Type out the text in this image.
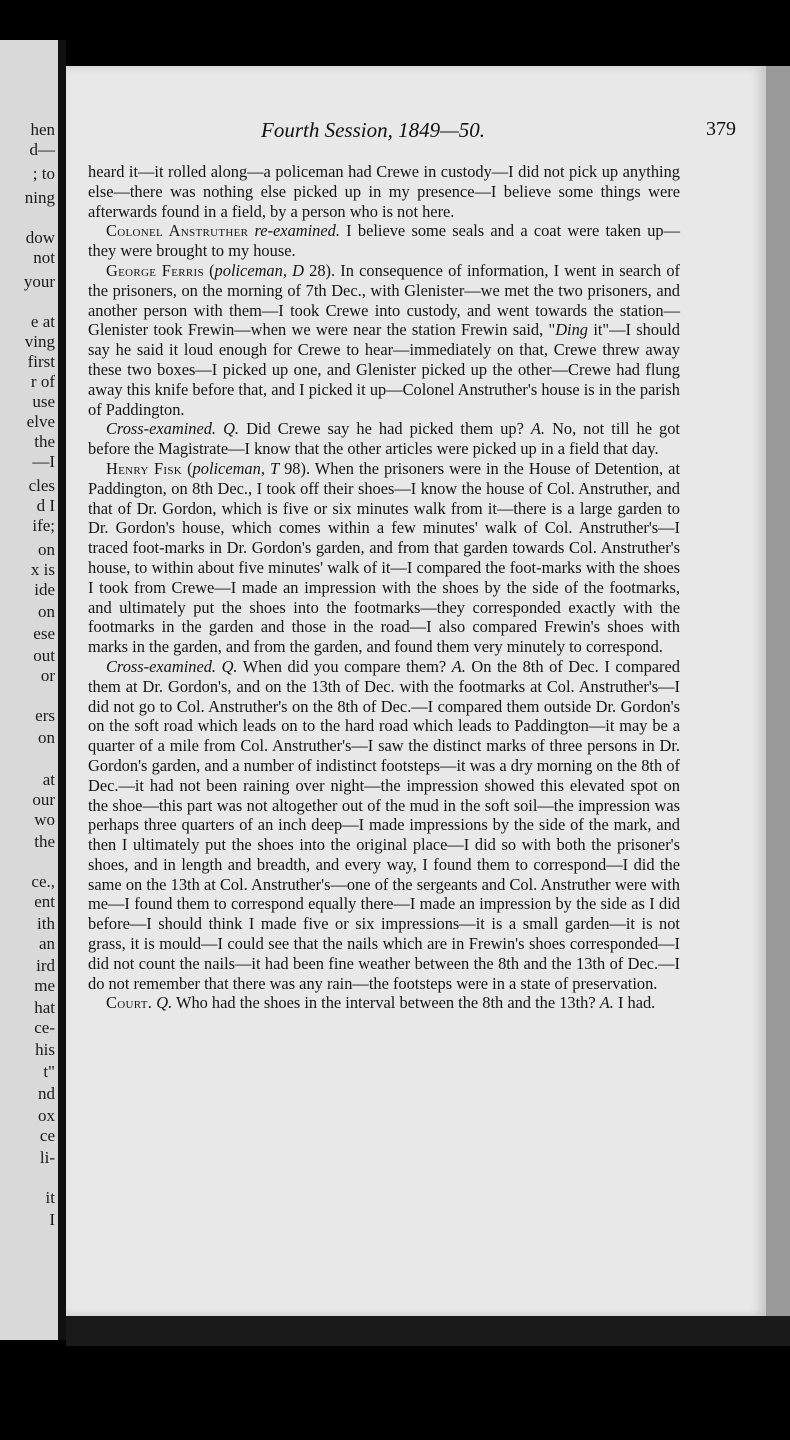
hen
d—
; to
ning
dow
not
your
e at
ving
first
r of
use
elve
the
—I
cles
d I
ife;
on
x is
ide
on
ese
out
or
ers
on
at
our
wo
the
ce.,
ent
ith
an
ird
me
hat
ce-
his
t"
nd
ox
ce
li-
it
I
Fourth Session, 1849—50.	379

heard it—it rolled along—a policeman had Crewe in custody—I did not pick up anything else—there was nothing else picked up in my presence—I believe some things were afterwards found in a field, by a person who is not here.

Colonel Anstruther re-examined. I believe some seals and a coat were taken up—they were brought to my house.

George Ferris (policeman, D 28). In consequence of information, I went in search of the prisoners, on the morning of 7th Dec., with Glenister—we met the two prisoners, and another person with them—I took Crewe into custody, and went towards the station—Glenister took Frewin—when we were near the station Frewin said, "Ding it"—I should say he said it loud enough for Crewe to hear—immediately on that, Crewe threw away these two boxes—I picked up one, and Glenister picked up the other—Crewe had flung away this knife before that, and I picked it up—Colonel Anstruther's house is in the parish of Paddington.

Cross-examined. Q. Did Crewe say he had picked them up? A. No, not till he got before the Magistrate—I know that the other articles were picked up in a field that day.

Henry Fisk (policeman, T 98). When the prisoners were in the House of Detention, at Paddington, on 8th Dec., I took off their shoes—I know the house of Col. Anstruther, and that of Dr. Gordon, which is five or six minutes walk from it—there is a large garden to Dr. Gordon's house, which comes within a few minutes' walk of Col. Anstruther's—I traced foot-marks in Dr. Gordon's garden, and from that garden towards Col. Anstruther's house, to within about five minutes' walk of it—I compared the foot-marks with the shoes I took from Crewe—I made an impression with the shoes by the side of the footmarks, and ultimately put the shoes into the footmarks—they corresponded exactly with the footmarks in the garden and those in the road—I also compared Frewin's shoes with marks in the garden, and from the garden, and found them very minutely to correspond.

Cross-examined. Q. When did you compare them? A. On the 8th of Dec. I compared them at Dr. Gordon's, and on the 13th of Dec. with the footmarks at Col. Anstruther's—I did not go to Col. Anstruther's on the 8th of Dec.—I compared them outside Dr. Gordon's on the soft road which leads on to the hard road which leads to Paddington—it may be a quarter of a mile from Col. Anstruther's—I saw the distinct marks of three persons in Dr. Gordon's garden, and a number of indistinct footsteps—it was a dry morning on the 8th of Dec.—it had not been raining over night—the impression showed this elevated spot on the shoe—this part was not altogether out of the mud in the soft soil—the impression was perhaps three quarters of an inch deep—I made impressions by the side of the mark, and then I ultimately put the shoes into the original place—I did so with both the prisoner's shoes, and in length and breadth, and every way, I found them to correspond—I did the same on the 13th at Col. Anstruther's—one of the sergeants and Col. Anstruther were with me—I found them to correspond equally there—I made an impression by the side as I did before—I should think I made five or six impressions—it is a small garden—it is not grass, it is mould—I could see that the nails which are in Frewin's shoes corresponded—I did not count the nails—it had been fine weather between the 8th and the 13th of Dec.—I do not remember that there was any rain—the footsteps were in a state of preservation.

Court. Q. Who had the shoes in the interval between the 8th and the 13th? A. I had.
